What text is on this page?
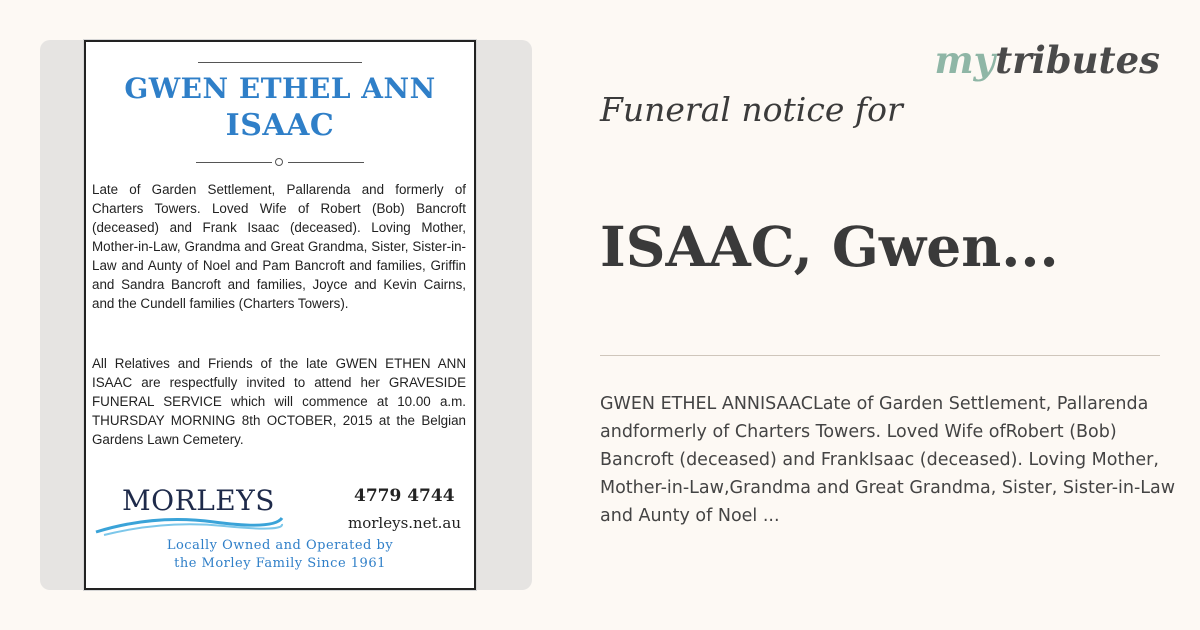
GWEN ETHEL ANN
ISAAC
Late of Garden Settlement, Pallarenda and formerly of Charters Towers. Loved Wife of Robert (Bob) Bancroft (deceased) and Frank Isaac (deceased). Loving Mother, Mother-in-Law, Grandma and Great Grandma, Sister, Sister-in-Law and Aunty of Noel and Pam Bancroft and families, Griffin and Sandra Bancroft and families, Joyce and Kevin Cairns, and the Cundell families (Charters Towers).
All Relatives and Friends of the late GWEN ETHEN ANN ISAAC are respectfully invited to attend her GRAVESIDE FUNERAL SERVICE which will commence at 10.00 a.m. THURSDAY MORNING 8th OCTOBER, 2015 at the Belgian Gardens Lawn Cemetery.
MORLEYS	4779 4744
morleys.net.au
Locally Owned and Operated by
the Morley Family Since 1961
mytributes
Funeral notice for
ISAAC, Gwen...
GWEN ETHEL ANNISAACLate of Garden Settlement, Pallarenda andformerly of Charters Towers. Loved Wife ofRobert (Bob) Bancroft (deceased) and FrankIsaac (deceased). Loving Mother, Mother-in-Law,Grandma and Great Grandma, Sister, Sister-in-Law and Aunty of Noel ...
